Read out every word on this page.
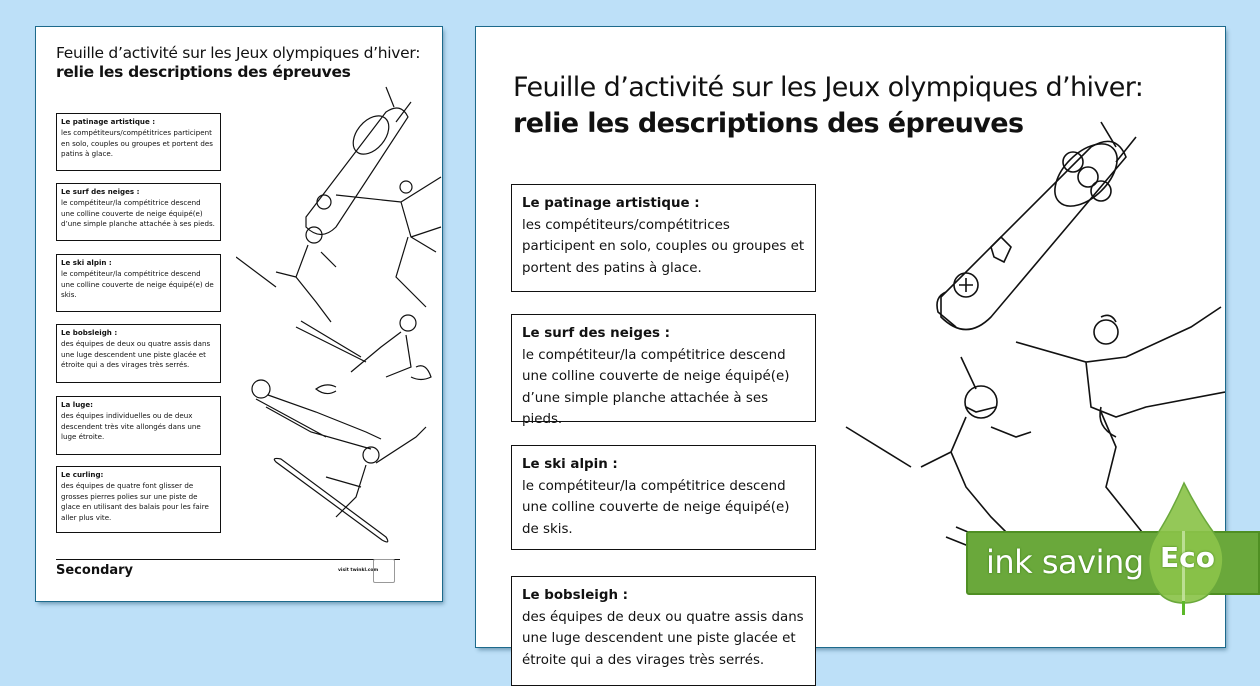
Feuille d’activité sur les Jeux olympiques d’hiver:
relie les descriptions des épreuves
Le patinage artistique :
les compétiteurs/compétitrices participent en solo, couples ou groupes et portent des patins à glace.
Le surf des neiges :
le compétiteur/la compétitrice descend une colline couverte de neige équipé(e) d’une simple planche attachée à ses pieds.
Le ski alpin :
le compétiteur/la compétitrice descend une colline couverte de neige équipé(e) de skis.
Le bobsleigh :
des équipes de deux ou quatre assis dans une luge descendent une piste glacée et étroite qui a des virages très serrés.
La luge:
des équipes individuelles ou de deux descendent très vite allongés dans une luge étroite.
Le curling:
des équipes de quatre font glisser de grosses pierres polies sur une piste de glace en utilisant des balais pour les faire aller plus vite.
Secondary	visit twinkl.com
Feuille d’activité sur les Jeux olympiques d’hiver:
relie les descriptions des épreuves
Le patinage artistique :
les compétiteurs/compétitrices participent en solo, couples ou groupes et portent des patins à glace.
Le surf des neiges :
le compétiteur/la compétitrice descend une colline couverte de neige équipé(e) d’une simple planche attachée à ses pieds.
Le ski alpin :
le compétiteur/la compétitrice descend une colline couverte de neige équipé(e) de skis.
Le bobsleigh :
des équipes de deux ou quatre assis dans une luge descendent une piste glacée et étroite qui a des virages très serrés.
ink saving Eco
